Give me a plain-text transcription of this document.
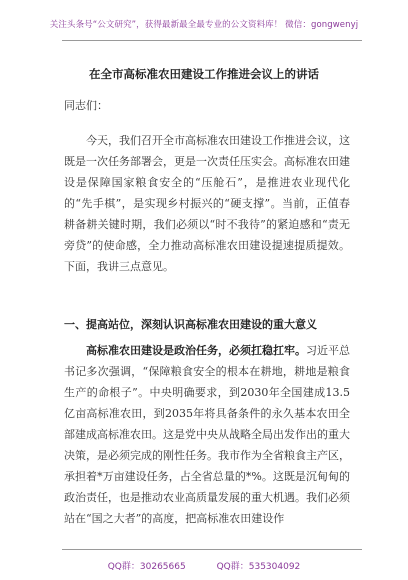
关注头条号“公文研究”，获得最新最全最专业的公文资料库！ 微信：gongwenyj
在全市高标准农田建设工作推进会议上的讲话
同志们：
今天，我们召开全市高标准农田建设工作推进会议，这既是一次任务部署会，更是一次责任压实会。高标准农田建设是保障国家粮食安全的“压舱石”，是推进农业现代化的“先手棋”，是实现乡村振兴的“硬支撑”。当前，正值春耕备耕关键时期，我们必须以“时不我待”的紧迫感和“责无旁贷”的使命感，全力推动高标准农田建设提速提质提效。下面，我讲三点意见。
一、提高站位，深刻认识高标准农田建设的重大意义
高标准农田建设是政治任务，必须扛稳扛牢。习近平总书记多次强调，“保障粮食安全的根本在耕地，耕地是粮食生产的命根子”。中央明确要求，到2030年全国建成13.5亿亩高标准农田，到2035年将具备条件的永久基本农田全部建成高标准农田。这是党中央从战略全局出发作出的重大决策，是必须完成的刚性任务。我市作为全省粮食主产区，承担着*万亩建设任务，占全省总量的*%。这既是沉甸甸的政治责任，也是推动农业高质量发展的重大机遇。我们必须站在“国之大者”的高度，把高标准农田建设作
QQ群：30265665	QQ群：535304092
